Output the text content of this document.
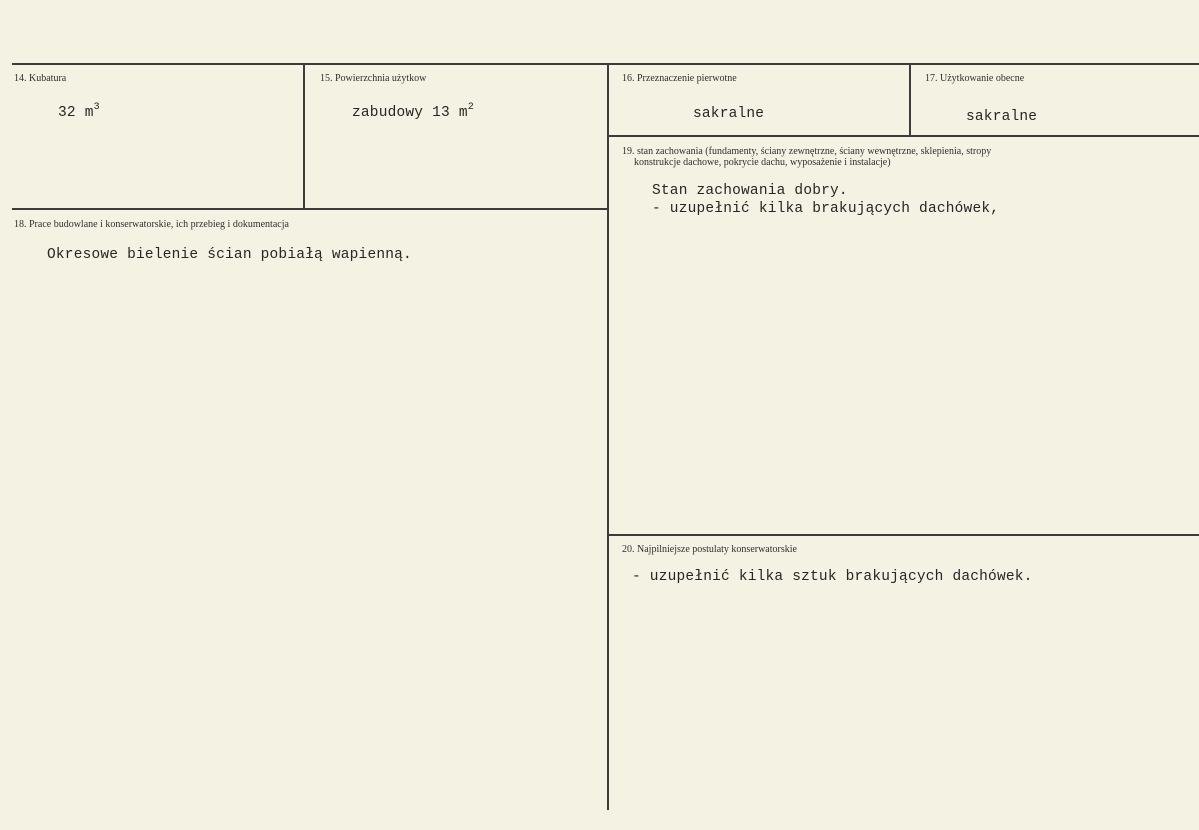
14. Kubatura
32 $m^3$
15. Powierzchnia użytkow
zabudowy 13 $m^2$
16. Przeznaczenie pierwotne
sakralne
17. Użytkowanie obecne
sakralne
18. Prace budowlane i konserwatorskie, ich przebieg i dokumentacja
Okresowe bielenie ścian pobiałą wapienną.
19. stan zachowania (fundamenty, ściany zewnętrzne, ściany wewnętrzne, sklepienia, stropy
konstrukcje dachowe, pokrycie dachu, wyposażenie i instalacje)
Stan zachowania dobry.
- uzupełnić kilka brakujących dachówek,
20. Najpilniejsze postulaty konserwatorskie
- uzupełnić kilka sztuk brakujących dachówek.
